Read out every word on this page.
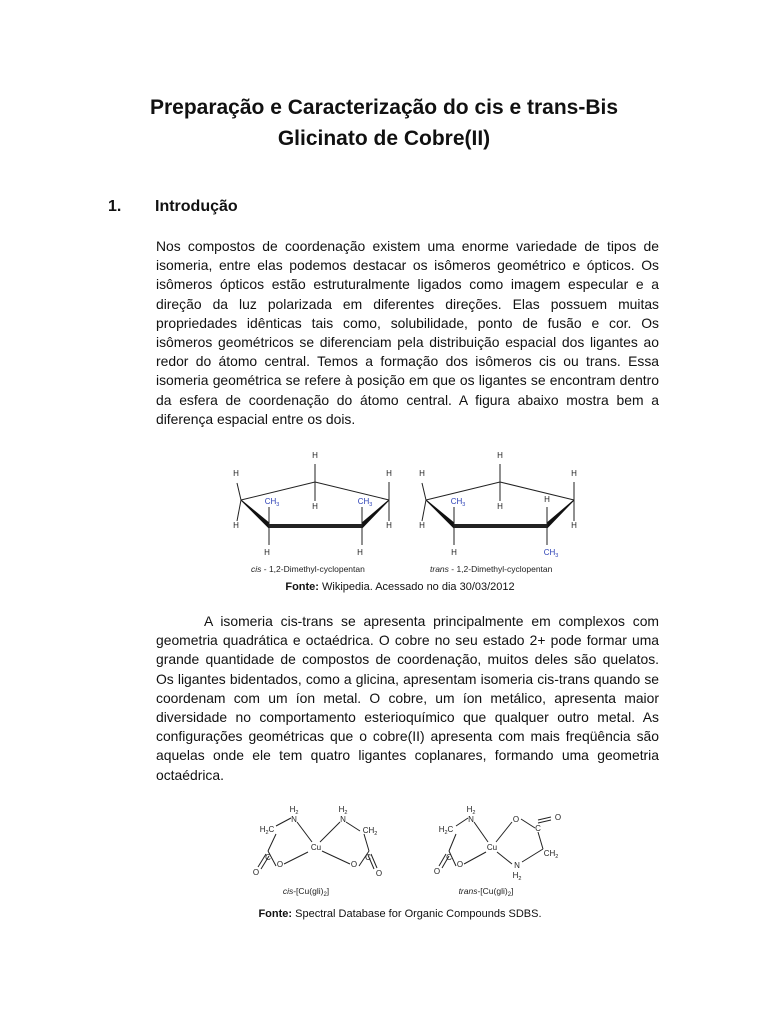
Preparação e Caracterização do cis e trans-Bis
Glicinato de Cobre(II)
1. Introdução

Nos compostos de coordenação existem uma enorme variedade de tipos de isomeria, entre elas podemos destacar os isômeros geométrico e ópticos. Os isômeros ópticos estão estruturalmente ligados como imagem especular e a direção da luz polarizada em diferentes direções. Elas possuem muitas propriedades idênticas tais como, solubilidade, ponto de fusão e cor. Os isômeros geométricos se diferenciam pela distribuição espacial dos ligantes ao redor do átomo central. Temos a formação dos isômeros cis ou trans. Essa isomeria geométrica se refere à posição em que os ligantes se encontram dentro da esfera de coordenação do átomo central. A figura abaixo mostra bem a diferença espacial entre os dois.

H
H
H
H
H
H
H	H
H
H
H
H
H
H
H
H
$CH_3$	$CH_3$	$CH_3$
$CH_3$
cis - 1,2-Dimethyl-cyclopentan	trans - 1,2-Dimethyl-cyclopentan
Fonte: Wikipedia. Acessado no dia 30/03/2012

A isomeria cis-trans se apresenta principalmente em complexos com geometria quadrática e octaédrica. O cobre no seu estado 2+ pode formar uma grande quantidade de compostos de coordenação, muitos deles são quelatos. Os ligantes bidentados, como a glicina, apresentam isomeria cis-trans quando se coordenam com um íon metal. O cobre, um íon metálico, apresenta maior diversidade no comportamento esterioquímico que qualquer outro metal. As configurações geométricas que o cobre(II) apresenta com mais freqüência são aquelas onde ele tem quatro ligantes coplanares, formando uma geometria octaédrica.

$H_2$
N
$H_2C$
C
O
O
Cu
$H_2$
N
$CH_2$
O
C
O
$H_2$
N
$H_2C$
C
O
O
Cu
O
C
O
$CH_2$
N
$H_2$
cis-$[Cu(gli)_2]$	trans-$[Cu(gli)_2]$
Fonte: Spectral Database for Organic Compounds SDBS.
